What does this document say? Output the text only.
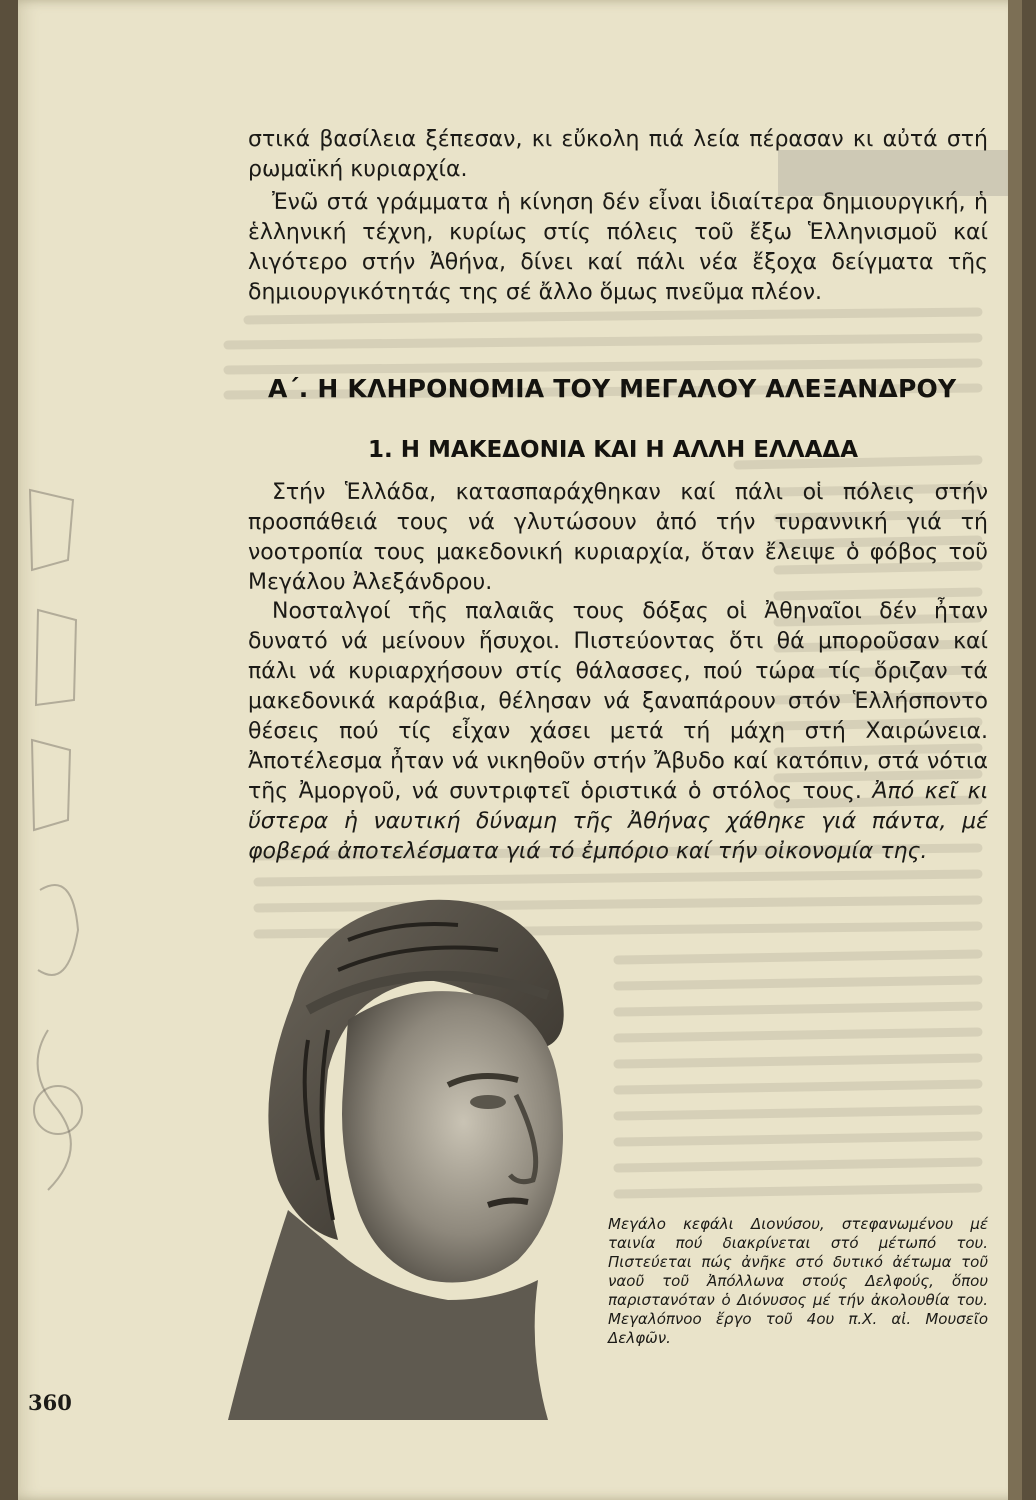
στικά βασίλεια ξέπεσαν, κι εὔκολη πιά λεία πέρασαν κι αὐτά στή ρωμαϊκή κυριαρχία.

Ἐνῶ στά γράμματα ἡ κίνηση δέν εἶναι ἰδιαίτερα δημιουργική, ἡ ἑλληνική τέχνη, κυρίως στίς πόλεις τοῦ ἔξω Ἑλληνισμοῦ καί λιγότερο στήν Ἀθήνα, δίνει καί πάλι νέα ἔξοχα δείγματα τῆς δημιουργικότητάς της σέ ἄλλο ὅμως πνεῦμα πλέον.

Α΄. Η ΚΛΗΡΟΝΟΜΙΑ ΤΟΥ ΜΕΓΑΛΟΥ ΑΛΕΞΑΝΔΡΟΥ
1. Η ΜΑΚΕΔΟΝΙΑ ΚΑΙ Η ΑΛΛΗ ΕΛΛΑΔΑ

Στήν Ἑλλάδα, κατασπαράχθηκαν καί πάλι οἱ πόλεις στήν προσπάθειά τους νά γλυτώσουν ἀπό τήν τυραννική γιά τή νοοτροπία τους μακεδονική κυριαρχία, ὅταν ἔλειψε ὁ φόβος τοῦ Μεγάλου Ἀλεξάνδρου.

Νοσταλγοί τῆς παλαιᾶς τους δόξας οἱ Ἀθηναῖοι δέν ἦταν δυνατό νά μείνουν ἥσυχοι. Πιστεύοντας ὅτι θά μποροῦσαν καί πάλι νά κυριαρχήσουν στίς θάλασσες, πού τώρα τίς ὅριζαν τά μακεδονικά καράβια, θέλησαν νά ξαναπάρουν στόν Ἑλλήσποντο θέσεις πού τίς εἶχαν χάσει μετά τή μάχη στή Χαιρώνεια. Ἀποτέλεσμα ἦταν νά νικηθοῦν στήν Ἄβυδο καί κατόπιν, στά νότια τῆς Ἀμοργοῦ, νά συντριφτεῖ ὁριστικά ὁ στόλος τους. Ἀπό κεῖ κι ὕστερα ἡ ναυτική δύναμη τῆς Ἀθήνας χάθηκε γιά πάντα, μέ φοβερά ἀποτελέσματα γιά τό ἐμπόριο καί τήν οἰκονομία της.

Μεγάλο κεφάλι Διονύσου, στεφανωμένου μέ ταινία πού διακρίνεται στό μέτωπό του. Πιστεύεται πώς ἀνῆκε στό δυτικό ἀέτωμα τοῦ ναοῦ τοῦ Ἀπόλλωνα στούς Δελφούς, ὅπου παριστανόταν ὁ Διόνυσος μέ τήν ἀκολουθία του. Μεγαλόπνοο ἔργο τοῦ 4ου π.Χ. αἰ. Μουσεῖο Δελφῶν.

360
